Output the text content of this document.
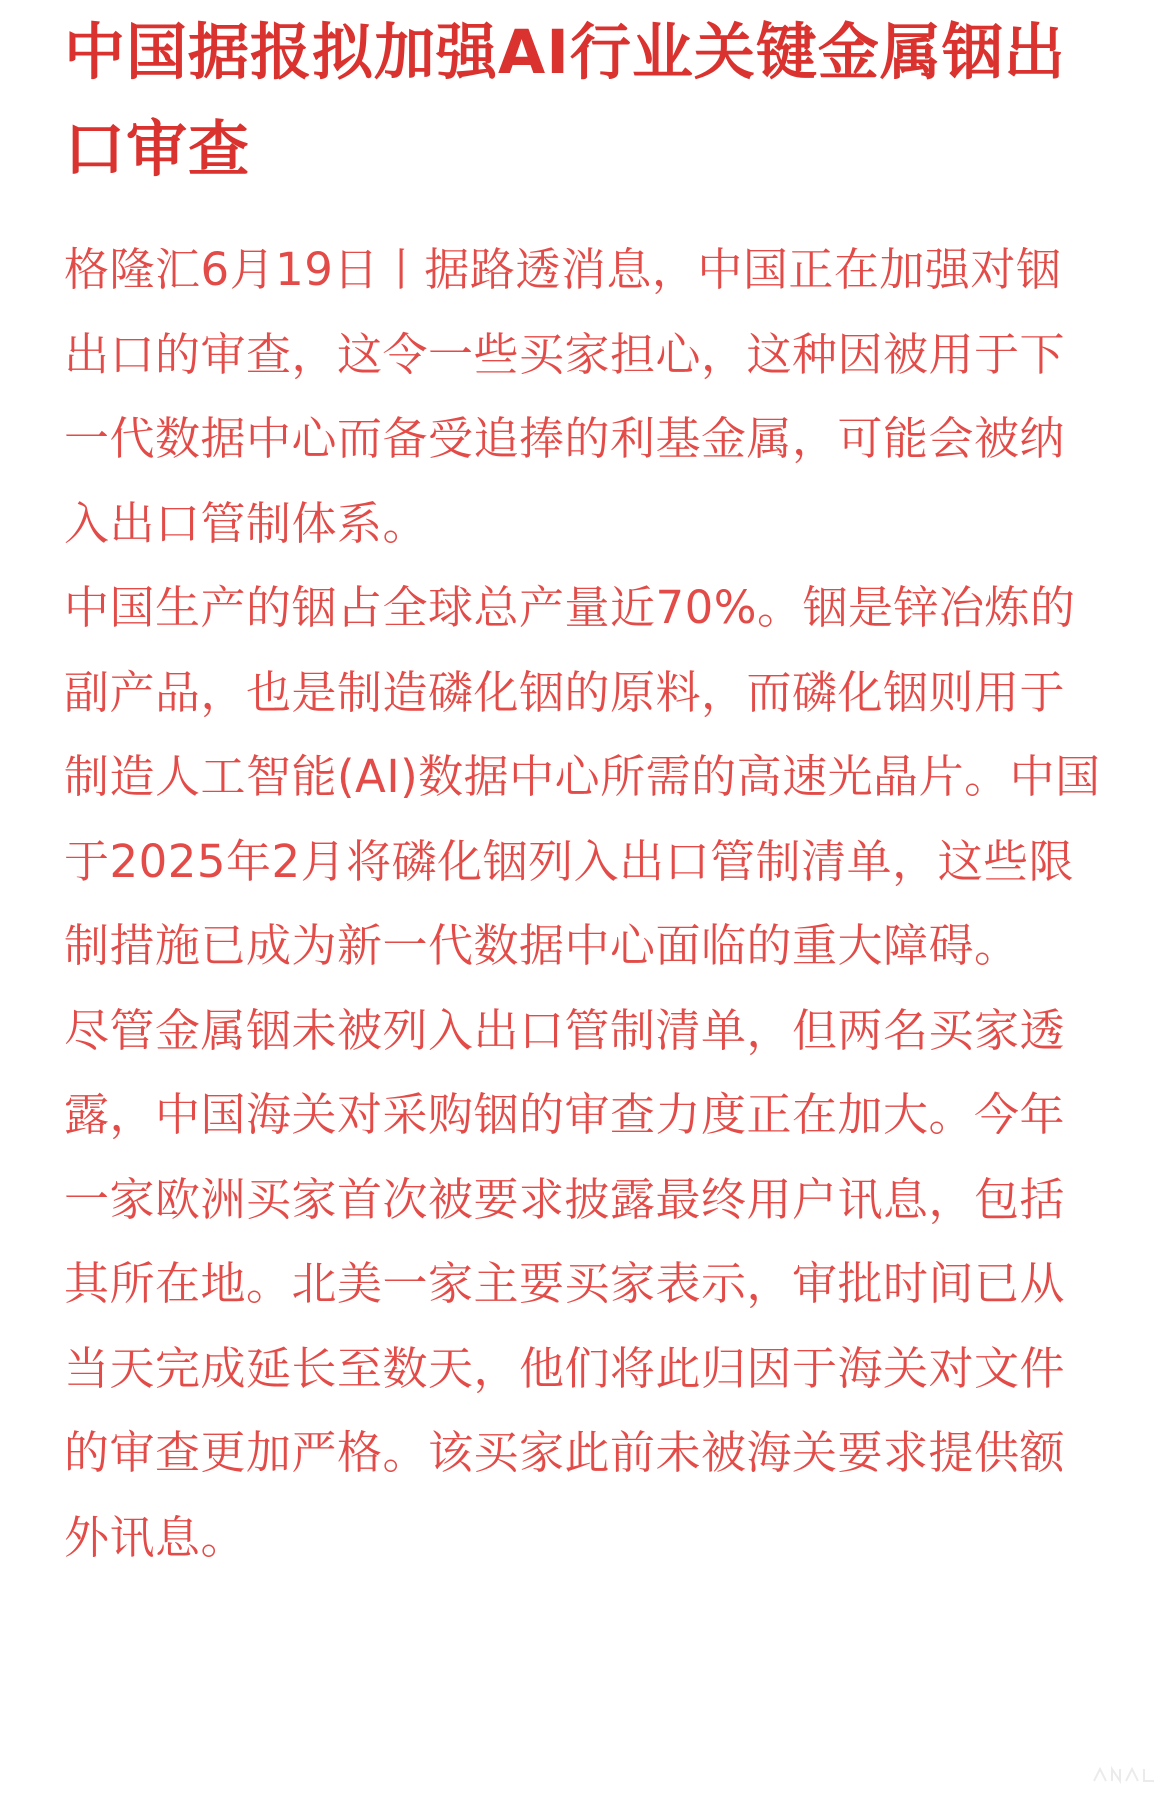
中国据报拟加强AI行业关键金属铟出口审查

格隆汇6月19日丨据路透消息，中国正在加强对铟出口的审查，这令一些买家担心，这种因被用于下一代数据中心而备受追捧的利基金属，可能会被纳入出口管制体系。

中国生产的铟占全球总产量近70%。铟是锌冶炼的副产品，也是制造磷化铟的原料，而磷化铟则用于制造人工智能(AI)数据中心所需的高速光晶片。中国于2025年2月将磷化铟列入出口管制清单，这些限制措施已成为新一代数据中心面临的重大障碍。

尽管金属铟未被列入出口管制清单，但两名买家透露，中国海关对采购铟的审查力度正在加大。今年一家欧洲买家首次被要求披露最终用户讯息，包括其所在地。北美一家主要买家表示，审批时间已从当天完成延长至数天，他们将此归因于海关对文件的审查更加严格。该买家此前未被海关要求提供额外讯息。
